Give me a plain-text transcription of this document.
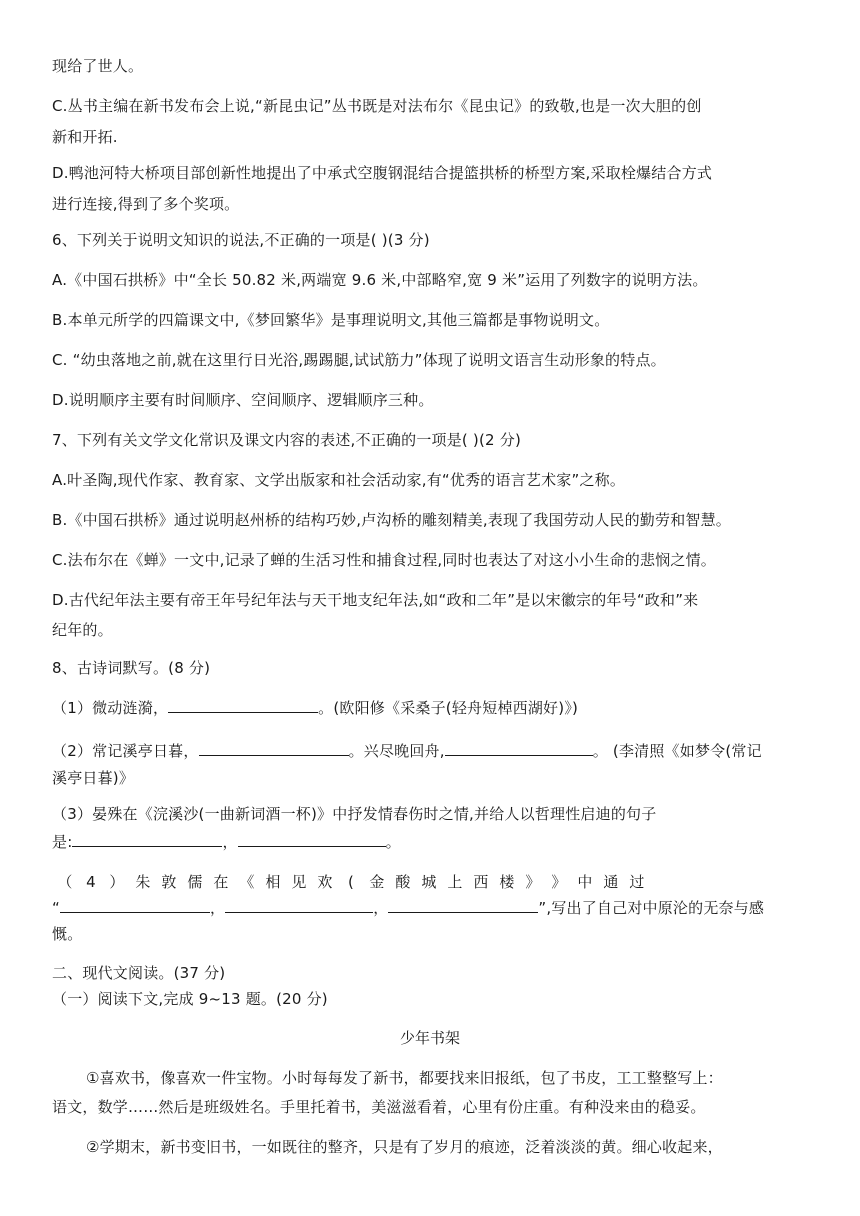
现给了世人。
C.丛书主编在新书发布会上说,“新昆虫记”丛书既是对法布尔《昆虫记》的致敬,也是一次大胆的创
新和开拓.
D.鸭池河特大桥项目部创新性地提出了中承式空腹钢混结合提篮拱桥的桥型方案,采取栓爆结合方式
进行连接,得到了多个奖项。
6、下列关于说明文知识的说法,不正确的一项是( )(3 分)
A.《中国石拱桥》中“全长 50.82 米,两端宽 9.6 米,中部略窄,宽 9 米”运用了列数字的说明方法。
B.本单元所学的四篇课文中,《梦回繁华》是事理说明文,其他三篇都是事物说明文。
C. “幼虫落地之前,就在这里行日光浴,踢踢腿,试试筋力”体现了说明文语言生动形象的特点。
D.说明顺序主要有时间顺序、空间顺序、逻辑顺序三种。
7、下列有关文学文化常识及课文内容的表述,不正确的一项是( )(2 分)
A.叶圣陶,现代作家、教育家、文学出版家和社会活动家,有“优秀的语言艺术家”之称。
B.《中国石拱桥》通过说明赵州桥的结构巧妙,卢沟桥的雕刻精美,表现了我国劳动人民的勤劳和智慧。
C.法布尔在《蝉》一文中,记录了蝉的生活习性和捕食过程,同时也表达了对这小小生命的悲悯之情。
D.古代纪年法主要有帝王年号纪年法与天干地支纪年法,如“政和二年”是以宋徽宗的年号“政和”来
纪年的。
8、古诗词默写。(8 分)
（1）微动涟漪，	。(欧阳修《采桑子(轻舟短棹西湖好)》)
（2）常记溪亭日暮，	。兴尽晚回舟,	。 (李清照《如梦令(常记
溪亭日暮)》
（3）晏殊在《浣溪沙(一曲新词酒一杯)》中抒发情春伤时之情,并给人以哲理性启迪的句子
是:	，	。
（ 4 ） 朱 敦 儒 在 《 相 见 欢 ( 金 酸 城 上 西 楼 》 》 中 通 过
“	，	，	”,写出了自己对中原沦的无奈与感
慨。
二、现代文阅读。(37 分)
（一）阅读下文,完成 9~13 题。(20 分)
少年书架
①喜欢书，像喜欢一件宝物。小时每每发了新书，都要找来旧报纸，包了书皮，工工整整写上：
语文，数学……然后是班级姓名。手里托着书，美滋滋看着，心里有份庄重。有种没来由的稳妥。
②学期末，新书变旧书，一如既往的整齐，只是有了岁月的痕迹，泛着淡淡的黄。细心收起来，
